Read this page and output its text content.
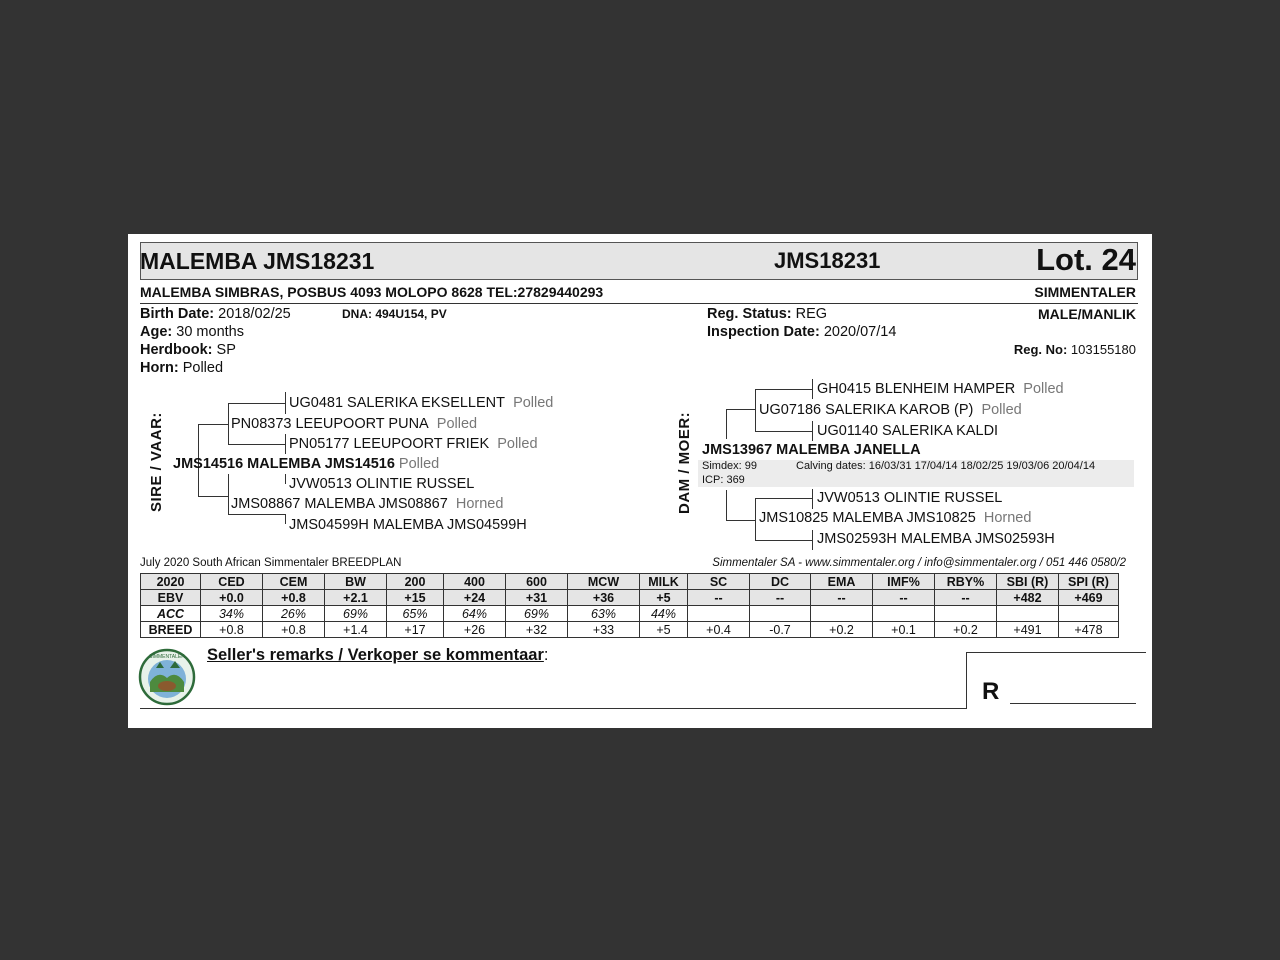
MALEMBA JMS18231	JMS18231	Lot. 24
MALEMBA SIMBRAS, POSBUS 4093 MOLOPO 8628 TEL:27829440293	SIMMENTALER
Birth Date: 2018/02/25	DNA: 494U154, PV
Age: 30 months
Herdbook: SP
Horn: Polled
Reg. Status: REG
Inspection Date: 2020/07/14
MALE/MANLIK
Reg. No: 103155180
SIRE / VAAR:
UG0481 SALERIKA EKSELLENT Polled
PN08373 LEEUPOORT PUNA Polled
PN05177 LEEUPOORT FRIEK Polled
JMS14516 MALEMBA JMS14516 Polled
JVW0513 OLINTIE RUSSEL
JMS08867 MALEMBA JMS08867 Horned
JMS04599H MALEMBA JMS04599H
DAM / MOER:
GH0415 BLENHEIM HAMPER Polled
UG07186 SALERIKA KAROB (P) Polled
UG01140 SALERIKA KALDI
JMS13967 MALEMBA JANELLA
Simdex: 99
ICP: 369
Calving dates: 16/03/31 17/04/14 18/02/25 19/03/06 20/04/14
JVW0513 OLINTIE RUSSEL
JMS10825 MALEMBA JMS10825 Horned
JMS02593H MALEMBA JMS02593H
July 2020 South African Simmentaler BREEDPLAN	Simmentaler SA - www.simmentaler.org / info@simmentaler.org / 051 446 0580/2
2020	CED	CEM	BW	200	400	600	MCW	MILK	SC	DC	EMA	IMF%	RBY%	SBI (R)	SPI (R)
EBV	+0.0	+0.8	+2.1	+15	+24	+31	+36	+5	--	--	--	--	--	+482	+469
ACC	34%	26%	69%	65%	64%	69%	63%	44%							
BREED	+0.8	+0.8	+1.4	+17	+26	+32	+33	+5	+0.4	-0.7	+0.2	+0.1	+0.2	+491	+478
SIMMENTALER Seller's remarks / Verkoper se kommentaar:
R
